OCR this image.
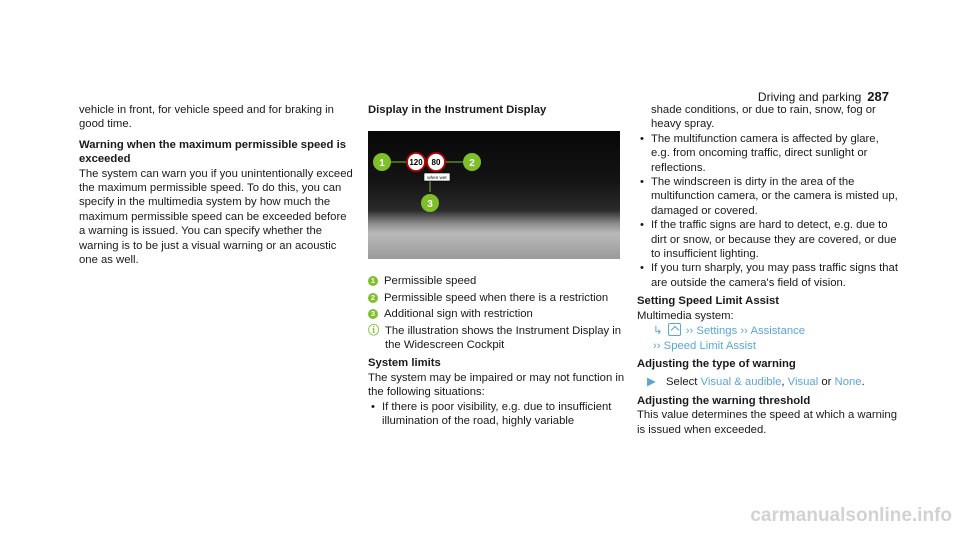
Driving and parking 287

vehicle in front, for vehicle speed and for braking in good time.

Warning when the maximum permissible speed is exceeded

The system can warn you if you unintentionally exceed the maximum permissible speed. To do this, you can specify in the multimedia system by how much the maximum permissible speed can be exceeded before a warning is issued. You can specify whether the warning is to be just a visual warning or an acoustic one as well.

Display in the Instrument Display
120 80
when wet
1	2
3
1 Permissible speed
2 Permissible speed when there is a restriction
3 Additional sign with restriction
ⓘ The illustration shows the Instrument Display in the Widescreen Cockpit
System limits

The system may be impaired or may not function in the following situations:

• If there is poor visibility, e.g. due to insufficient illumination of the road, highly variable

shade conditions, or due to rain, snow, fog or heavy spray.

• The multifunction camera is affected by glare, e.g. from oncoming traffic, direct sunlight or reflections.
• The windscreen is dirty in the area of the multifunction camera, or the camera is misted up, damaged or covered.
• If the traffic signs are hard to detect, e.g. due to dirt or snow, or because they are covered, or due to insufficient lighting.
• If you turn sharply, you may pass traffic signs that are outside the camera's field of vision.
Setting Speed Limit Assist

Multimedia system:

↳ ›› Settings ›› Assistance
›› Speed Limit Assist
Adjusting the type of warning
▶ Select Visual & audible, Visual or None.
Adjusting the warning threshold

This value determines the speed at which a warning is issued when exceeded.

carmanualsonline.info
